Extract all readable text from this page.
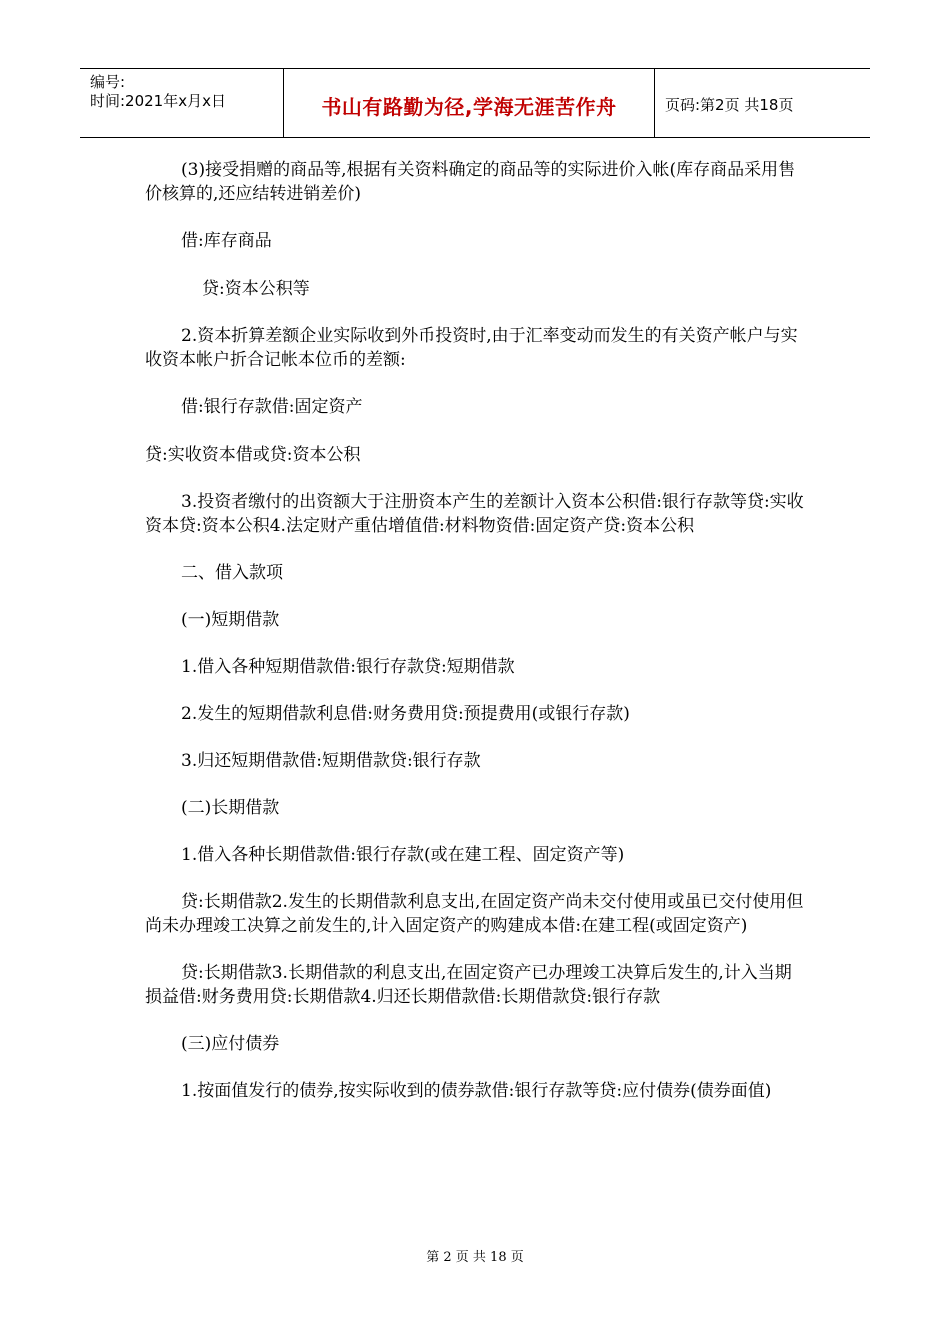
编号:
时间:2021年x月x日	书山有路勤为径,学海无涯苦作舟	页码:第2页 共18页

(3)接受捐赠的商品等,根据有关资料确定的商品等的实际进价入帐(库存商品采用售价核算的,还应结转进销差价)

借:库存商品

贷:资本公积等

2.资本折算差额企业实际收到外币投资时,由于汇率变动而发生的有关资产帐户与实收资本帐户折合记帐本位币的差额:

借:银行存款借:固定资产

贷:实收资本借或贷:资本公积

3.投资者缴付的出资额大于注册资本产生的差额计入资本公积借:银行存款等贷:实收资本贷:资本公积4.法定财产重估增值借:材料物资借:固定资产贷:资本公积

二、借入款项

(一)短期借款

1.借入各种短期借款借:银行存款贷:短期借款

2.发生的短期借款利息借:财务费用贷:预提费用(或银行存款)

3.归还短期借款借:短期借款贷:银行存款

(二)长期借款

1.借入各种长期借款借:银行存款(或在建工程、固定资产等)

贷:长期借款2.发生的长期借款利息支出,在固定资产尚未交付使用或虽已交付使用但尚未办理竣工决算之前发生的,计入固定资产的购建成本借:在建工程(或固定资产)

贷:长期借款3.长期借款的利息支出,在固定资产已办理竣工决算后发生的,计入当期损益借:财务费用贷:长期借款4.归还长期借款借:长期借款贷:银行存款

(三)应付债券

1.按面值发行的债券,按实际收到的债券款借:银行存款等贷:应付债券(债券面值)

第 2 页 共 18 页
